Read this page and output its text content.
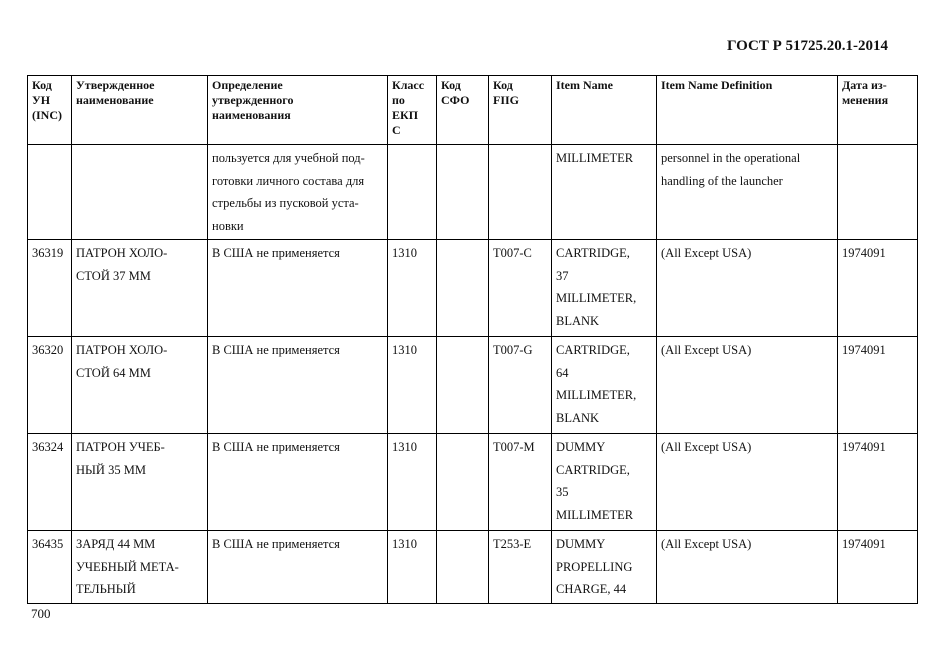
ГОСТ Р 51725.20.1-2014
Код
УН
(INC)	Утвержденное
наименование	Определение
утвержденного
наименования	Класс
по
ЕКП
С	Код
СФО	Код
FIIG	Item Name	Item Name Definition	Дата из-
менения

		пользуется для учебной под-
готовки личного состава для
стрельбы из пусковой уста-
новки				MILLIMETER	personnel in the operational
handling of the launcher	

36319	ПАТРОН ХОЛО-
СТОЙ 37 ММ	В США не применяется	1310		T007-C	CARTRIDGE,
37
MILLIMETER,
BLANK	(All Except USA)	1974091

36320	ПАТРОН ХОЛО-
СТОЙ 64 ММ	В США не применяется	1310		T007-G	CARTRIDGE,
64
MILLIMETER,
BLANK	(All Except USA)	1974091

36324	ПАТРОН УЧЕБ-
НЫЙ 35 ММ	В США не применяется	1310		T007-M	DUMMY
CARTRIDGE,
35
MILLIMETER	(All Except USA)	1974091

36435	ЗАРЯД 44 ММ
УЧЕБНЫЙ МЕТА-
ТЕЛЬНЫЙ	В США не применяется	1310		T253-E	DUMMY
PROPELLING
CHARGE, 44	(All Except USA)	1974091
700
